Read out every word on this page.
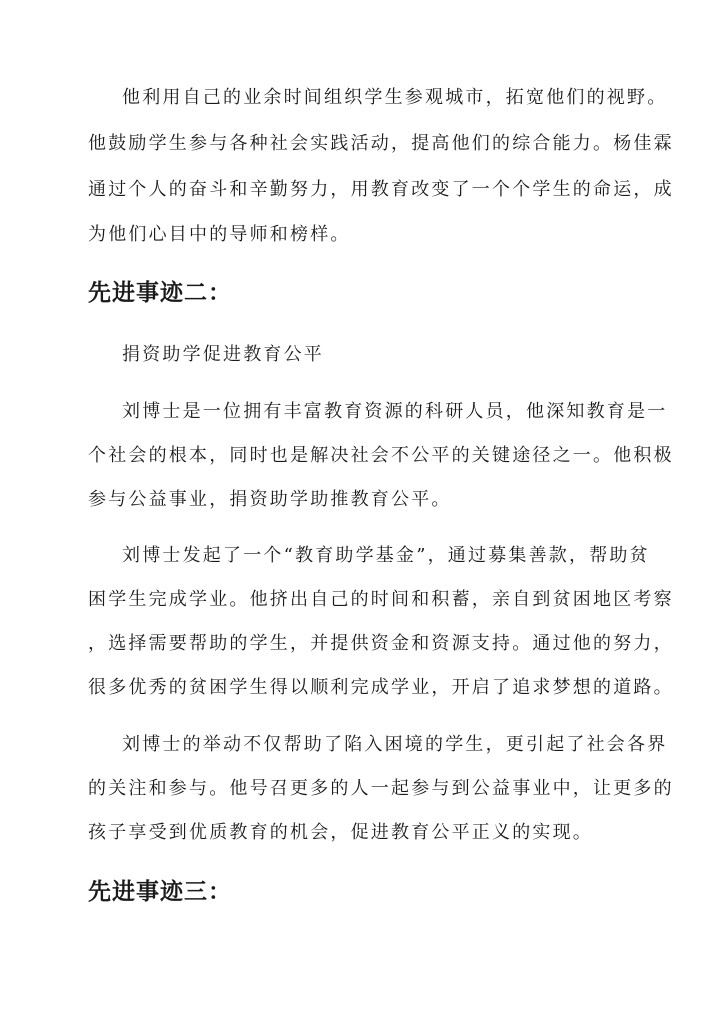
他利用自己的业余时间组织学生参观城市，拓宽他们的视野。
他鼓励学生参与各种社会实践活动，提高他们的综合能力。杨佳霖
通过个人的奋斗和辛勤努力，用教育改变了一个个学生的命运，成
为他们心目中的导师和榜样。
先进事迹二：
捐资助学促进教育公平
刘博士是一位拥有丰富教育资源的科研人员，他深知教育是一
个社会的根本，同时也是解决社会不公平的关键途径之一。他积极
参与公益事业，捐资助学助推教育公平。
刘博士发起了一个“教育助学基金”，通过募集善款，帮助贫
困学生完成学业。他挤出自己的时间和积蓄，亲自到贫困地区考察
，选择需要帮助的学生，并提供资金和资源支持。通过他的努力，
很多优秀的贫困学生得以顺利完成学业，开启了追求梦想的道路。
刘博士的举动不仅帮助了陷入困境的学生，更引起了社会各界
的关注和参与。他号召更多的人一起参与到公益事业中，让更多的
孩子享受到优质教育的机会，促进教育公平正义的实现。
先进事迹三：
